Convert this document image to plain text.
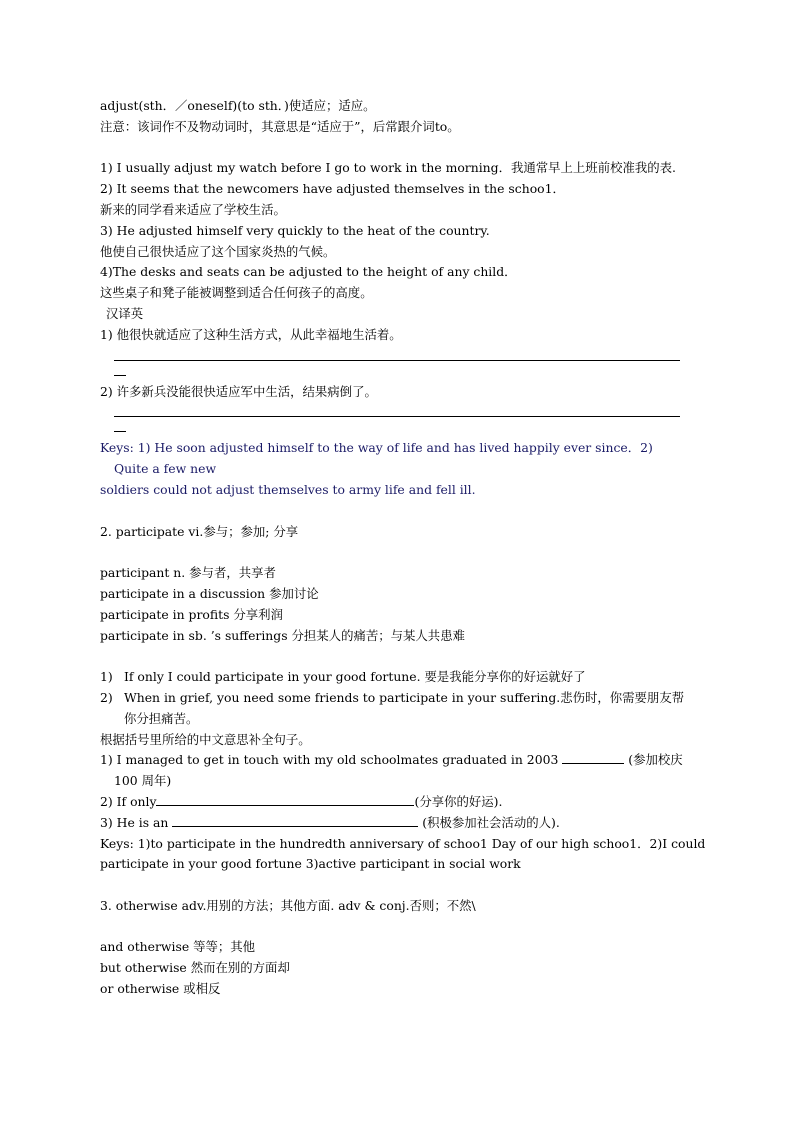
adjust(sth．／oneself)(to sth．)使适应；适应。
注意：该词作不及物动词时，其意思是“适应于”，后常跟介词to。
1) I usually adjust my watch before I go to work in the morning．我通常早上上班前校准我的表.
2) It seems that the newcomers have adjusted themselves in the schoo1．
新来的同学看来适应了学校生活。
3) He adjusted himself very quickly to the heat of the country.
他使自己很快适应了这个国家炎热的气候。
4)The desks and seats can be adjusted to the height of any child．
这些桌子和凳子能被调整到适合任何孩子的高度。
汉译英
1) 他很快就适应了这种生活方式，从此幸福地生活着。
2) 许多新兵没能很快适应军中生活，结果病倒了。
Keys: 1) He soon adjusted himself to the way of life and has lived happily ever since．2) Quite a few new
soldiers could not adjust themselves to army life and fell ill.
2. participate vi.参与；参加; 分享
participant n. 参与者，共享者
participate in a discussion 参加讨论
participate in profits 分享利润
participate in sb. ’s sufferings 分担某人的痛苦；与某人共患难
1) If only I could participate in your good fortune. 要是我能分享你的好运就好了
2) When in grief, you need some friends to participate in your suffering.悲伤时，你需要朋友帮你分担痛苦。
根据括号里所给的中文意思补全句子。
1) I managed to get in touch with my old schoolmates graduated in 2003	(参加校庆 100 周年)
2) If only	(分享你的好运).
3) He is an	(积极参加社会活动的人).
Keys: 1)to participate in the hundredth anniversary of schoo1 Day of our high schoo1．2)I could
participate in your good fortune 3)active participant in social work
3. otherwise adv.用别的方法；其他方面. adv & conj.否则；不然\
and otherwise 等等；其他
but otherwise 然而在别的方面却
or otherwise 或相反
